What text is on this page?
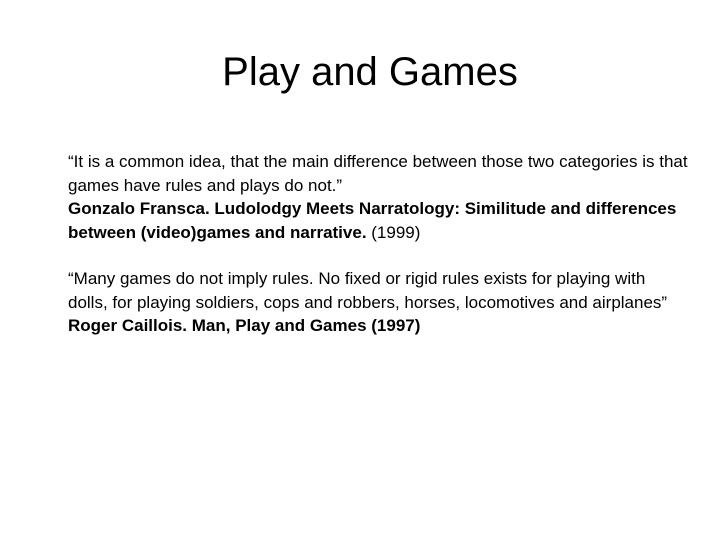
Play and Games

“It is a common idea, that the main difference between those two categories is that games have rules and plays do not.”

Gonzalo Fransca. Ludolodgy Meets Narratology: Similitude and differences between (video)games and narrative. (1999)

“Many games do not imply rules. No fixed or rigid rules exists for playing with dolls, for playing soldiers, cops and robbers, horses, locomotives and airplanes”

Roger Caillois. Man, Play and Games (1997)
